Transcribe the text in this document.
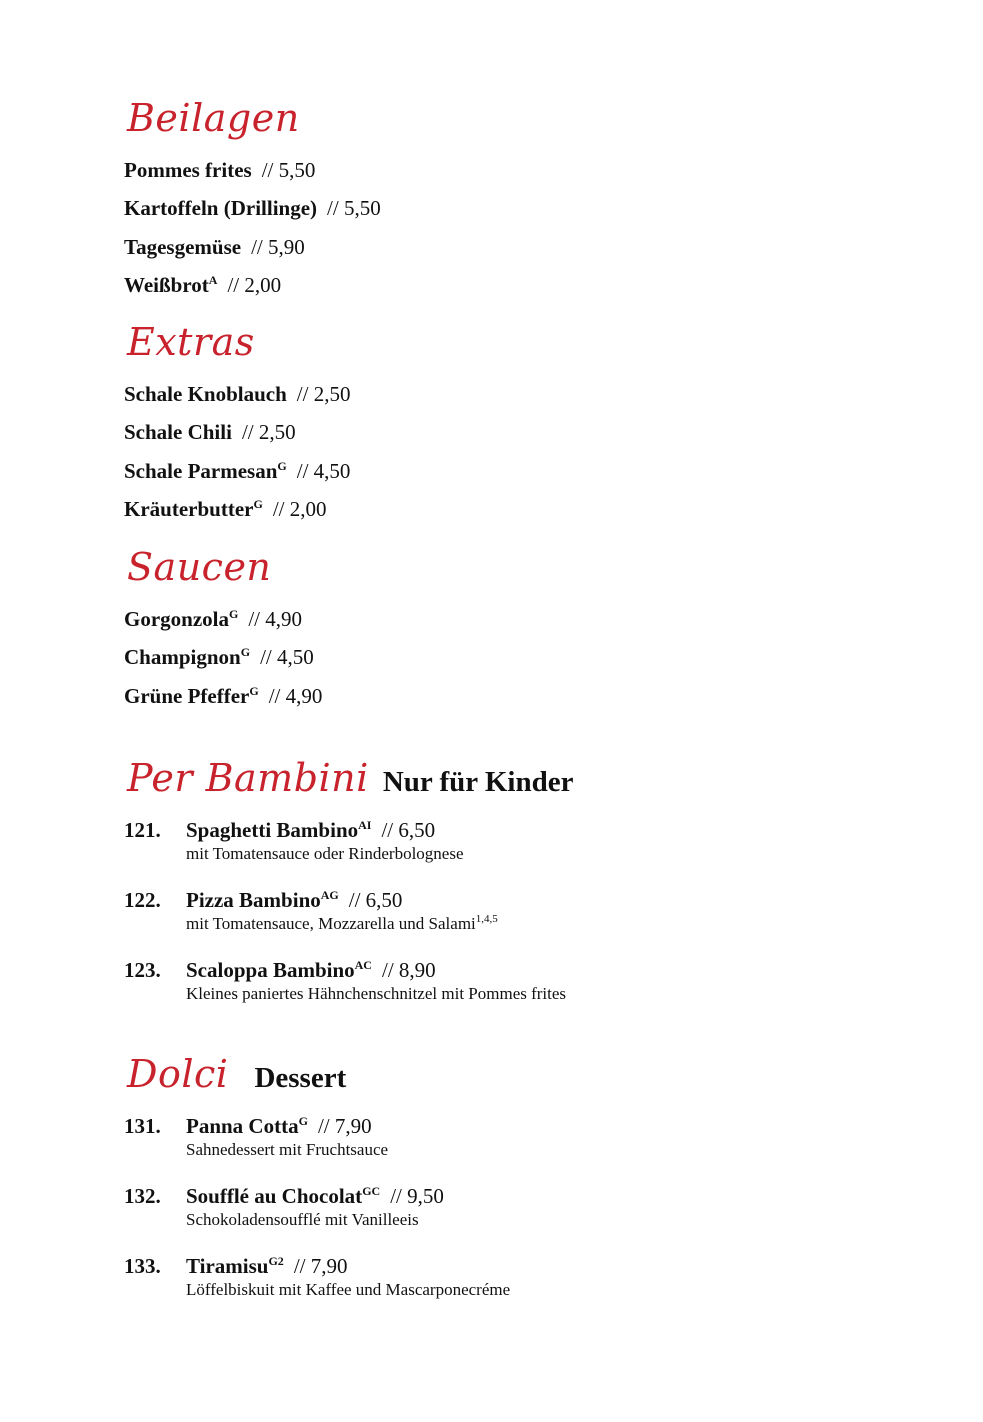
Beilagen
Pommes frites // 5,50
Kartoffeln (Drillinge) // 5,50
Tagesgemüse // 5,90
Weißbrot$^A$ // 2,00
Extras
Schale Knoblauch // 2,50
Schale Chili // 2,50
Schale Parmesan$^G$ // 4,50
Kräuterbutter$^G$ // 2,00
Saucen
Gorgonzola$^G$ // 4,90
Champignon$^G$ // 4,50
Grüne Pfeffer$^G$ // 4,90
Per Bambini Nur für Kinder
121. Spaghetti Bambino$^{AI}$ // 6,50
mit Tomatensauce oder Rinderbolognese
122. Pizza Bambino$^{AG}$ // 6,50
mit Tomatensauce, Mozzarella und Salami$^{1,4,5}$
123. Scaloppa Bambino$^{AC}$ // 8,90
Kleines paniertes Hähnchenschnitzel mit Pommes frites
Dolci Dessert
131. Panna Cotta$^G$ // 7,90
Sahnedessert mit Fruchtsauce
132. Soufflé au Chocolat$^{GC}$ // 9,50
Schokoladensoufflé mit Vanilleeis
133. Tiramisu$^{G2}$ // 7,90
Löffelbiskuit mit Kaffee und Mascarponecréme
